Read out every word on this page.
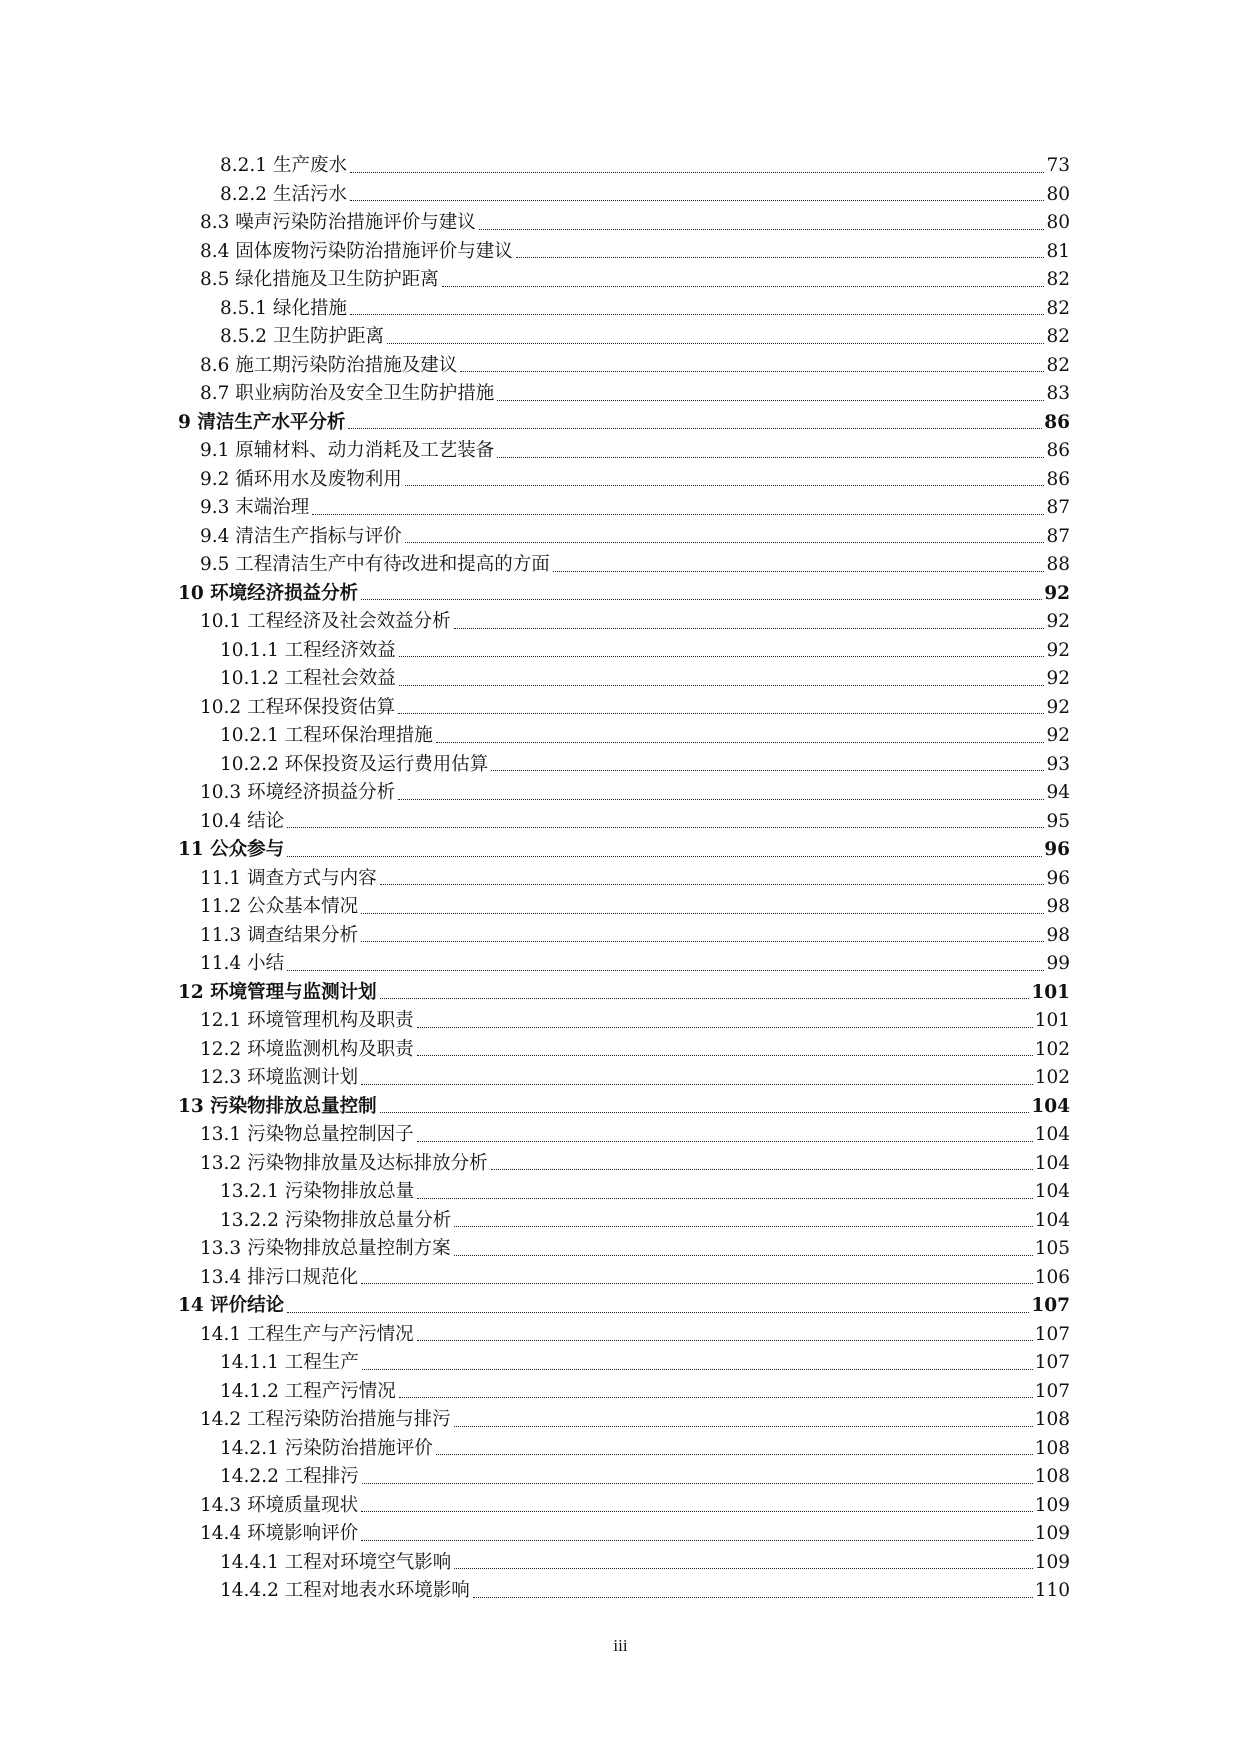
8.2.1 生产废水	73
8.2.2 生活污水	80
8.3 噪声污染防治措施评价与建议	80
8.4 固体废物污染防治措施评价与建议	81
8.5 绿化措施及卫生防护距离	82
8.5.1 绿化措施	82
8.5.2 卫生防护距离	82
8.6 施工期污染防治措施及建议	82
8.7 职业病防治及安全卫生防护措施	83
9 清洁生产水平分析	86
9.1 原辅材料、动力消耗及工艺装备	86
9.2 循环用水及废物利用	86
9.3 末端治理	87
9.4 清洁生产指标与评价	87
9.5 工程清洁生产中有待改进和提高的方面	88
10 环境经济损益分析	92
10.1 工程经济及社会效益分析	92
10.1.1 工程经济效益	92
10.1.2 工程社会效益	92
10.2 工程环保投资估算	92
10.2.1 工程环保治理措施	92
10.2.2 环保投资及运行费用估算	93
10.3 环境经济损益分析	94
10.4 结论	95
11 公众参与	96
11.1 调查方式与内容	96
11.2 公众基本情况	98
11.3 调查结果分析	98
11.4 小结	99
12 环境管理与监测计划	101
12.1 环境管理机构及职责	101
12.2 环境监测机构及职责	102
12.3 环境监测计划	102
13 污染物排放总量控制	104
13.1 污染物总量控制因子	104
13.2 污染物排放量及达标排放分析	104
13.2.1 污染物排放总量	104
13.2.2 污染物排放总量分析	104
13.3 污染物排放总量控制方案	105
13.4 排污口规范化	106
14 评价结论	107
14.1 工程生产与产污情况	107
14.1.1 工程生产	107
14.1.2 工程产污情况	107
14.2 工程污染防治措施与排污	108
14.2.1 污染防治措施评价	108
14.2.2 工程排污	108
14.3 环境质量现状	109
14.4 环境影响评价	109
14.4.1 工程对环境空气影响	109
14.4.2 工程对地表水环境影响	110
iii
